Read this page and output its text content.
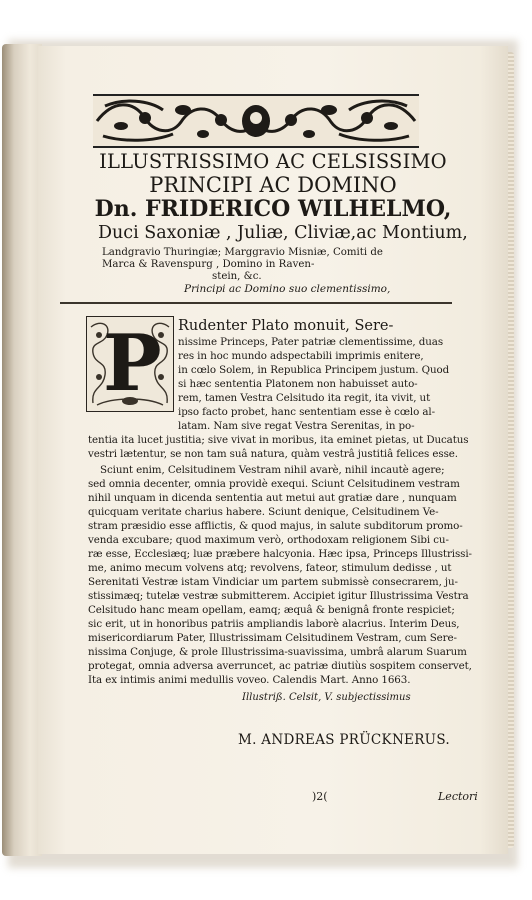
ILLUSTRISSIMO AC CELSISSIMO
PRINCIPI AC DOMINO
Dn. FRIDERICO WILHELMO,
Duci Saxoniæ , Juliæ, Cliviæ,ac Montium,
Landgravio Thuringiæ; Marggravio Misniæ, Comiti de
Marca & Ravenspurg , Domino in Raven-
stein, &c.
Principi ac Domino suo clementissimo,
P Rudenter Plato monuit, Sere-
nissime Princeps, Pater patriæ clementissime, duas
res in hoc mundo adspectabili imprimis enitere,
in cœlo Solem, in Republica Principem justum. Quod
si hæc sententia Platonem non habuisset auto-
rem, tamen Vestra Celsitudo ita regit, ita vivit, ut
ipso facto probet, hanc sententiam esse è cœlo al-
latam. Nam sive regat Vestra Serenitas, in po-
tentia ita lucet justitia; sive vivat in moribus, ita eminet pietas, ut Ducatus
vestri lætentur, se non tam suâ natura, quàm vestrâ justitiâ felices esse.
Sciunt enim, Celsitudinem Vestram nihil avarè, nihil incautè agere;
sed omnia decenter, omnia providè exequi. Sciunt Celsitudinem vestram
nihil unquam in dicenda sententia aut metui aut gratiæ dare , nunquam
quicquam veritate charius habere. Sciunt denique, Celsitudinem Ve-
stram præsidio esse afflictis, & quod majus, in salute subditorum promo-
venda excubare; quod maximum verò, orthodoxam religionem Sibi cu-
ræ esse, Ecclesiæq; luæ præbere halcyonia. Hæc ipsa, Princeps Illustrissi-
me, animo mecum volvens atq; revolvens, fateor, stimulum dedisse , ut
Serenitati Vestræ istam Vindiciar um partem submissè consecrarem, ju-
stissimæq; tutelæ vestræ submitterem. Accipiet igitur Illustrissima Vestra
Celsitudo hanc meam opellam, eamq; æquâ & benignâ fronte respiciet;
sic erit, ut in honoribus patriis ampliandis laborè alacrius. Interim Deus,
misericordiarum Pater, Illustrissimam Celsitudinem Vestram, cum Sere-
nissima Conjuge, & prole Illustrissima-suavissima, umbrâ alarum Suarum
protegat, omnia adversa averruncet, ac patriæ diutiùs sospitem conservet,
Ita ex intimis animi medullis voveo. Calendis Mart. Anno 1663.
Illustriß. Celsit, V. subjectissimus
M. ANDREAS PRÜCKNERUS.
)2(	Lectori
